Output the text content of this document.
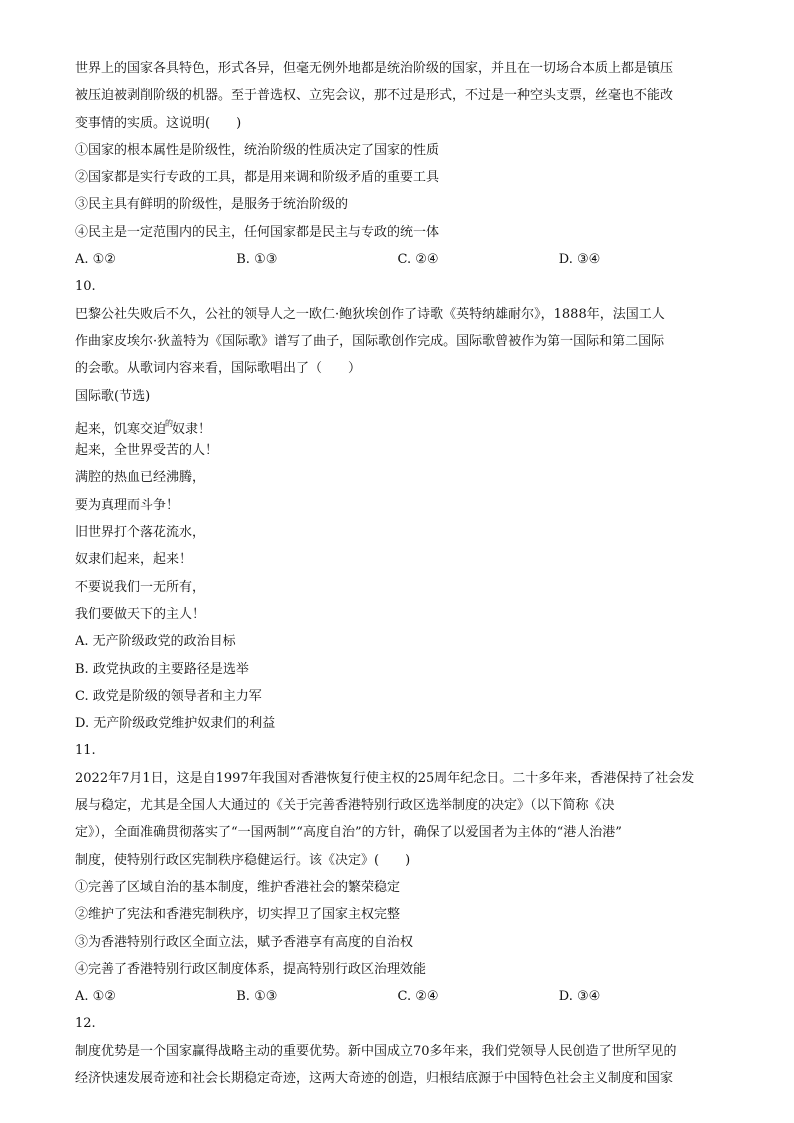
世界上的国家各具特色，形式各异，但毫无例外地都是统治阶级的国家，并且在一切场合本质上都是镇压
被压迫被剥削阶级的机器。至于普选权、立宪会议，那不过是形式，不过是一种空头支票，丝毫也不能改
变事情的实质。这说明(　　)
①国家的根本属性是阶级性，统治阶级的性质决定了国家的性质
②国家都是实行专政的工具，都是用来调和阶级矛盾的重要工具
③民主具有鲜明的阶级性，是服务于统治阶级的
④民主是一定范围内的民主，任何国家都是民主与专政的统一体
A. ①②	B. ①③	C. ②④	D. ③④
10.
巴黎公社失败后不久，公社的领导人之一欧仁·鲍狄埃创作了诗歌《英特纳雄耐尔》，1888年，法国工人
作曲家皮埃尔·狄盖特为《国际歌》谱写了曲子，国际歌创作完成。国际歌曾被作为第一国际和第二国际
的会歌。从歌词内容来看，国际歌唱出了（　　）
国际歌(节选)
起来，饥寒交迫$^的$奴隶！
起来，全世界受苦的人！
满腔的热血已经沸腾，
要为真理而斗争！
旧世界打个落花流水，
奴隶们起来，起来！
不要说我们一无所有，
我们要做天下的主人！
A. 无产阶级政党的政治目标
B. 政党执政的主要路径是选举
C. 政党是阶级的领导者和主力军
D. 无产阶级政党维护奴隶们的利益
11.
2022年7月1日，这是自1997年我国对香港恢复行使主权的25周年纪念日。二十多年来，香港保持了社会发
展与稳定，尤其是全国人大通过的《关于完善香港特别行政区选举制度的决定》（以下简称《决
定》），全面准确贯彻落实了“一国两制”“高度自治”的方针，确保了以爱国者为主体的“港人治港”
制度，使特别行政区宪制秩序稳健运行。该《决定》(　　)
①完善了区域自治的基本制度，维护香港社会的繁荣稳定
②维护了宪法和香港宪制秩序，切实捍卫了国家主权完整
③为香港特别行政区全面立法，赋予香港享有高度的自治权
④完善了香港特别行政区制度体系，提高特别行政区治理效能
A. ①②	B. ①③	C. ②④	D. ③④
12.
制度优势是一个国家赢得战略主动的重要优势。新中国成立70多年来，我们党领导人民创造了世所罕见的
经济快速发展奇迹和社会长期稳定奇迹，这两大奇迹的创造，归根结底源于中国特色社会主义制度和国家
